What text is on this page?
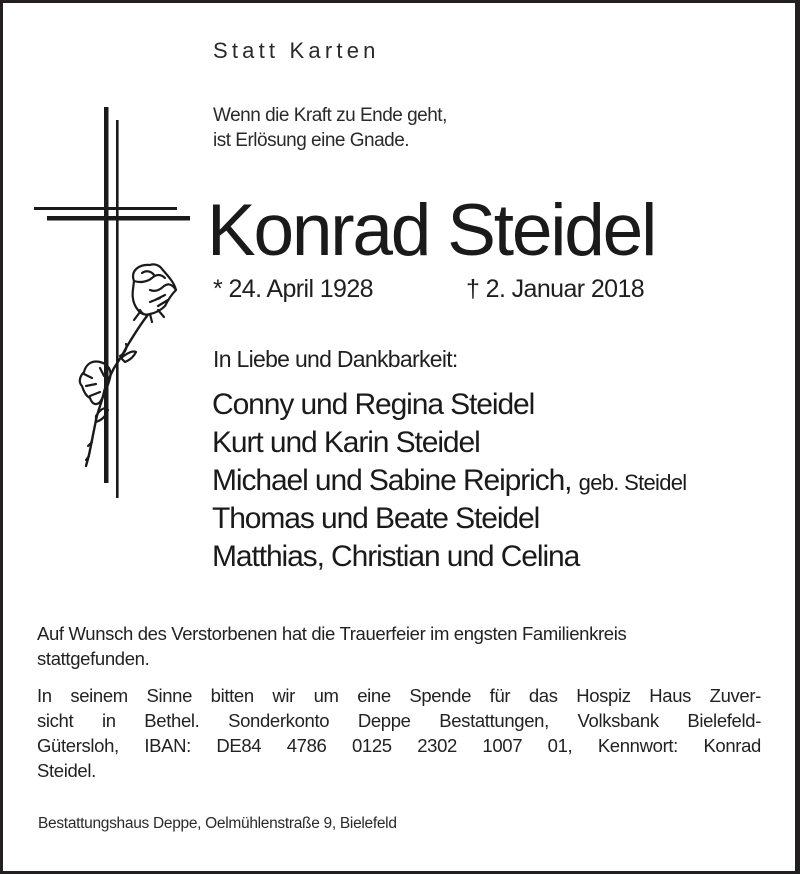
Statt Karten
Wenn die Kraft zu Ende geht,
ist Erlösung eine Gnade.
Konrad Steidel
* 24. April 1928	† 2. Januar 2018
In Liebe und Dankbarkeit:
Conny und Regina Steidel
Kurt und Karin Steidel
Michael und Sabine Reiprich, geb. Steidel
Thomas und Beate Steidel
Matthias, Christian und Celina
Auf Wunsch des Verstorbenen hat die Trauerfeier im engsten Familienkreis
stattgefunden.
In seinem Sinne bitten wir um eine Spende für das Hospiz Haus Zuver-
sicht in Bethel. Sonderkonto Deppe Bestattungen, Volksbank Bielefeld-
Gütersloh, IBAN: DE84 4786 0125 2302 1007 01, Kennwort: Konrad
Steidel.
Bestattungshaus Deppe, Oelmühlenstraße 9, Bielefeld
